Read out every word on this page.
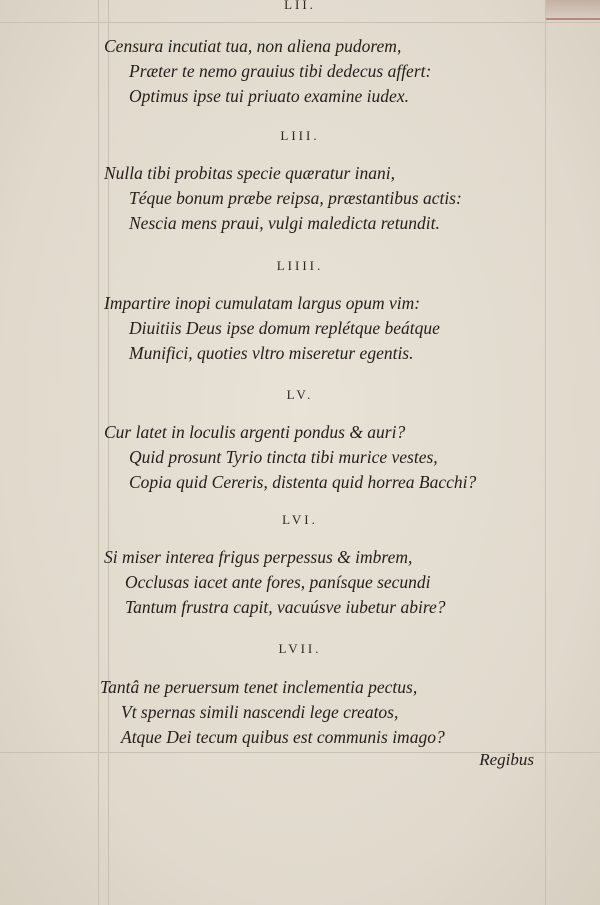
LII.
Censura incutiat tua, non aliena pudorem,
Præter te nemo grauius tibi dedecus affert:
Optimus ipse tui priuato examine iudex.
LIII.
Nulla tibi probitas specie quæratur inani,
Téque bonum præbe reipsa, præstantibus actis:
Nescia mens praui, vulgi maledicta retundit.
LIIII.
Impartire inopi cumulatam largus opum vim:
Diuitiis Deus ipse domum replétque beátque
Munifici, quoties vltro miseretur egentis.
LV.
Cur latet in loculis argenti pondus & auri?
Quid prosunt Tyrio tincta tibi murice vestes,
Copia quid Cereris, distenta quid horrea Bacchi?
LVI.
Si miser interea frigus perpessus & imbrem,
Occlusas iacet ante fores, panísque secundi
Tantum frustra capit, vacuúsve iubetur abire?
LVII.
Tantâ ne peruersum tenet inclementia pectus,
Vt spernas simili nascendi lege creatos,
Atque Dei tecum quibus est communis imago?
Regibus
